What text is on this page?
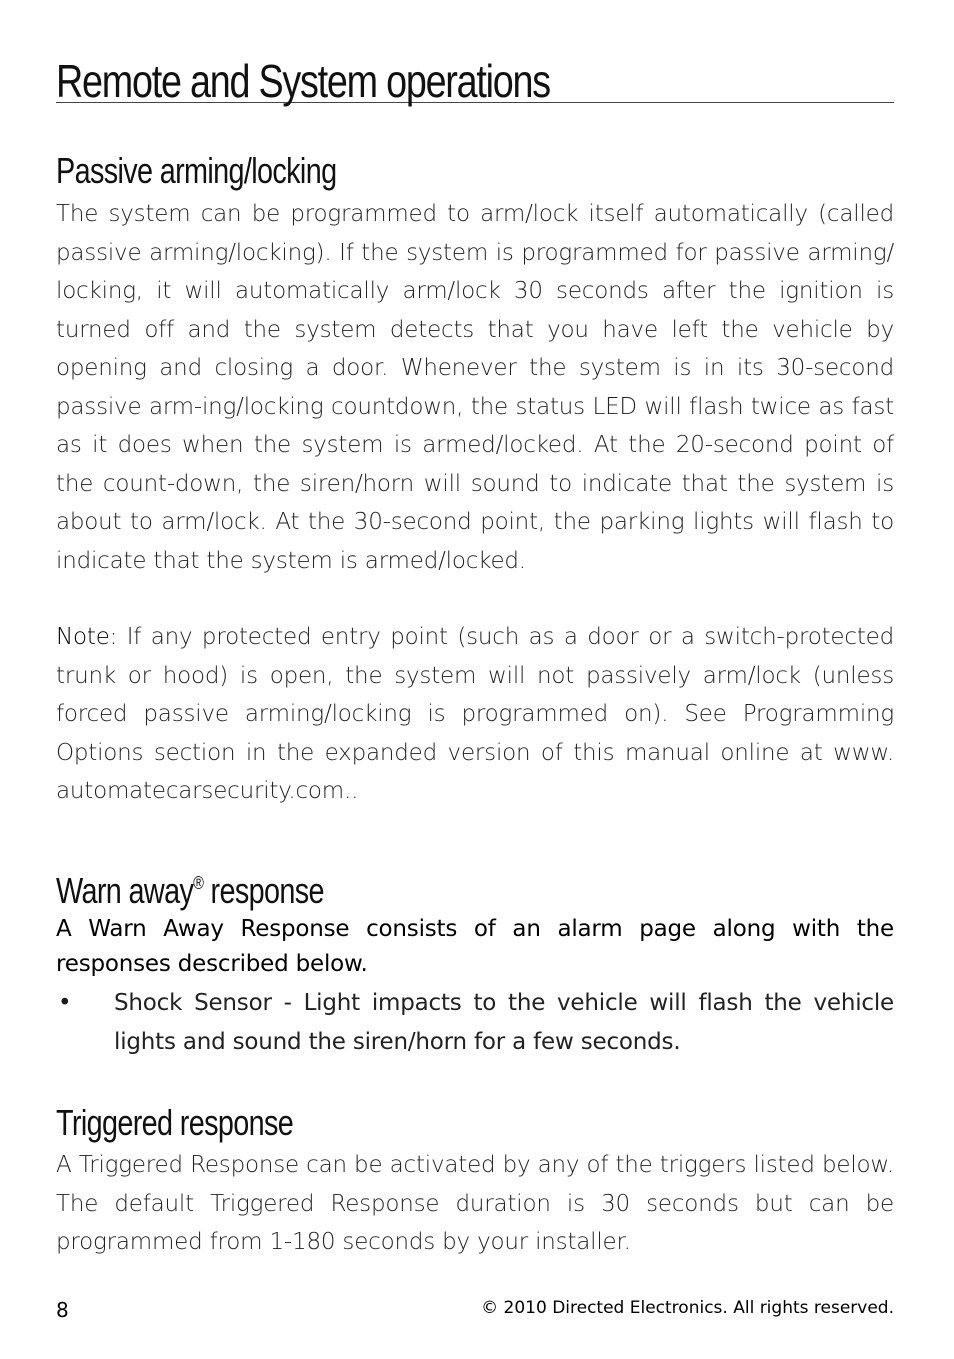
Remote and System operations
Passive arming/locking

The system can be programmed to arm/lock itself automatically (called passive arming/locking). If the system is programmed for passive arming/ locking, it will automatically arm/lock 30 seconds after the ignition is turned off and the system detects that you have left the vehicle by opening and closing a door. Whenever the system is in its 30-second passive arm-ing/locking countdown, the status LED will flash twice as fast as it does when the system is armed/locked. At the 20-second point of the count-down, the siren/horn will sound to indicate that the system is about to arm/lock. At the 30-second point, the parking lights will flash to indicate that the system is armed/locked.

Note: If any protected entry point (such as a door or a switch-protected trunk or hood) is open, the system will not passively arm/lock (unless forced passive arming/locking is programmed on). See Programming Options section in the expanded version of this manual online at www. automatecarsecurity.com..

Warn away® response

A Warn Away Response consists of an alarm page along with the responses described below.

• Shock Sensor - Light impacts to the vehicle will flash the vehicle lights and sound the siren/horn for a few seconds.

Triggered response

A Triggered Response can be activated by any of the triggers listed below. The default Triggered Response duration is 30 seconds but can be programmed from 1-180 seconds by your installer.

8	© 2010 Directed Electronics. All rights reserved.
